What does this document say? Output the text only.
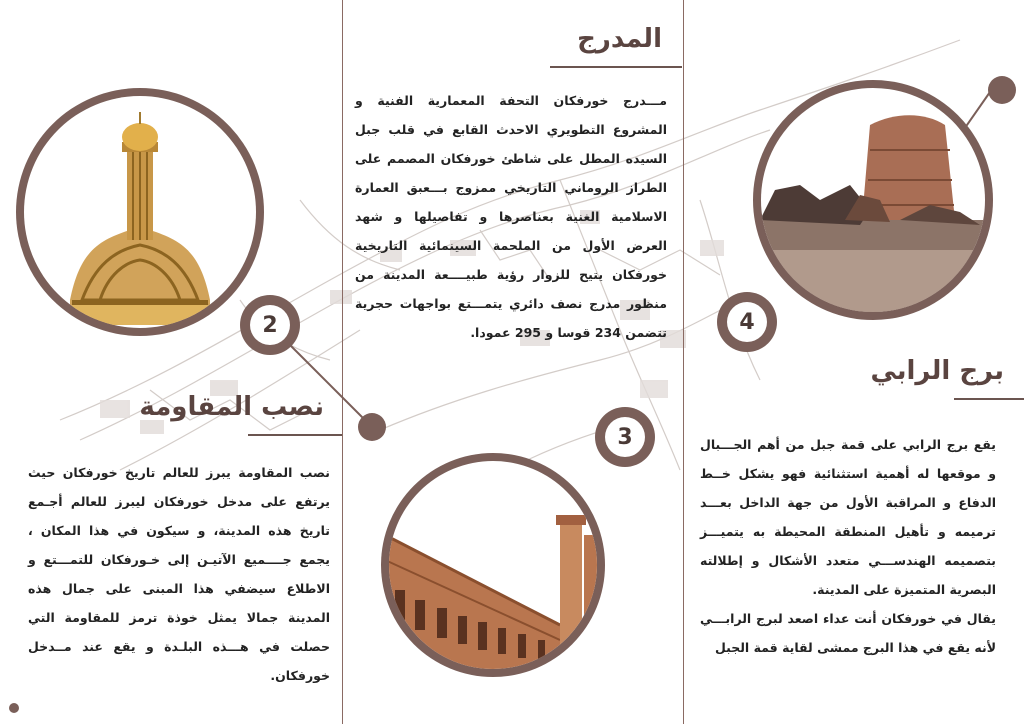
2
3
4
المدرج

مـــدرج خورفكان التحفة المعمارية الفنية و المشروع التطويري الاحدث القابع في قلب جبل السيده المطل على شاطئ خورفكان المصمم على الطراز الروماني التاريخي ممزوج بـــعبق العمارة الاسلامية الغنية بعناصرها و تفاصيلها و شهد العرض الأول من الملحمة السينمائية التاريخية خورفكان يتيح للزوار رؤية طبيــــعة المدينة من منظور مدرج نصف دائري يتمـــتع بواجهات حجرية تتضمن 234 قوسا و 295 عمودا.

نصب المقاومة

نصب المقاومة يبرز للعالم تاريخ خورفكان حيث يرتفع على مدخل خورفكان ليبرز للعالم أجـمع تاريخ هذه المدينة، و سيكون في هذا المكان ، يجمع جــــميع الآتيـن إلى خـورفكان للتمـــتع و الاطلاع سيضفي هذا المبنى على جمال هذه المدينة جمالا يمثل خوذة ترمز للمقاومة التي حصلت في هـــذه البلـدة و يقع عند مــدخل خورفكان.

برج الرابي

يقع برج الرابي على قمة جبل من أهم الجـــبال و موقعها له أهمية استثنائية فهو يشكل خــط الدفاع و المراقبة الأول من جهة الداخل بعـــد ترميمه و تأهيل المنطقة المحيطة به يتميـــز بتصميمه الهندســـي متعدد الأشكال و إطلالته البصرية المتميزة على المدينة.

يقال في خورفكان أنت عداء اصعد لبرج الرابـــي لأنه يقع في هذا البرج ممشى لقاية قمة الجبل
